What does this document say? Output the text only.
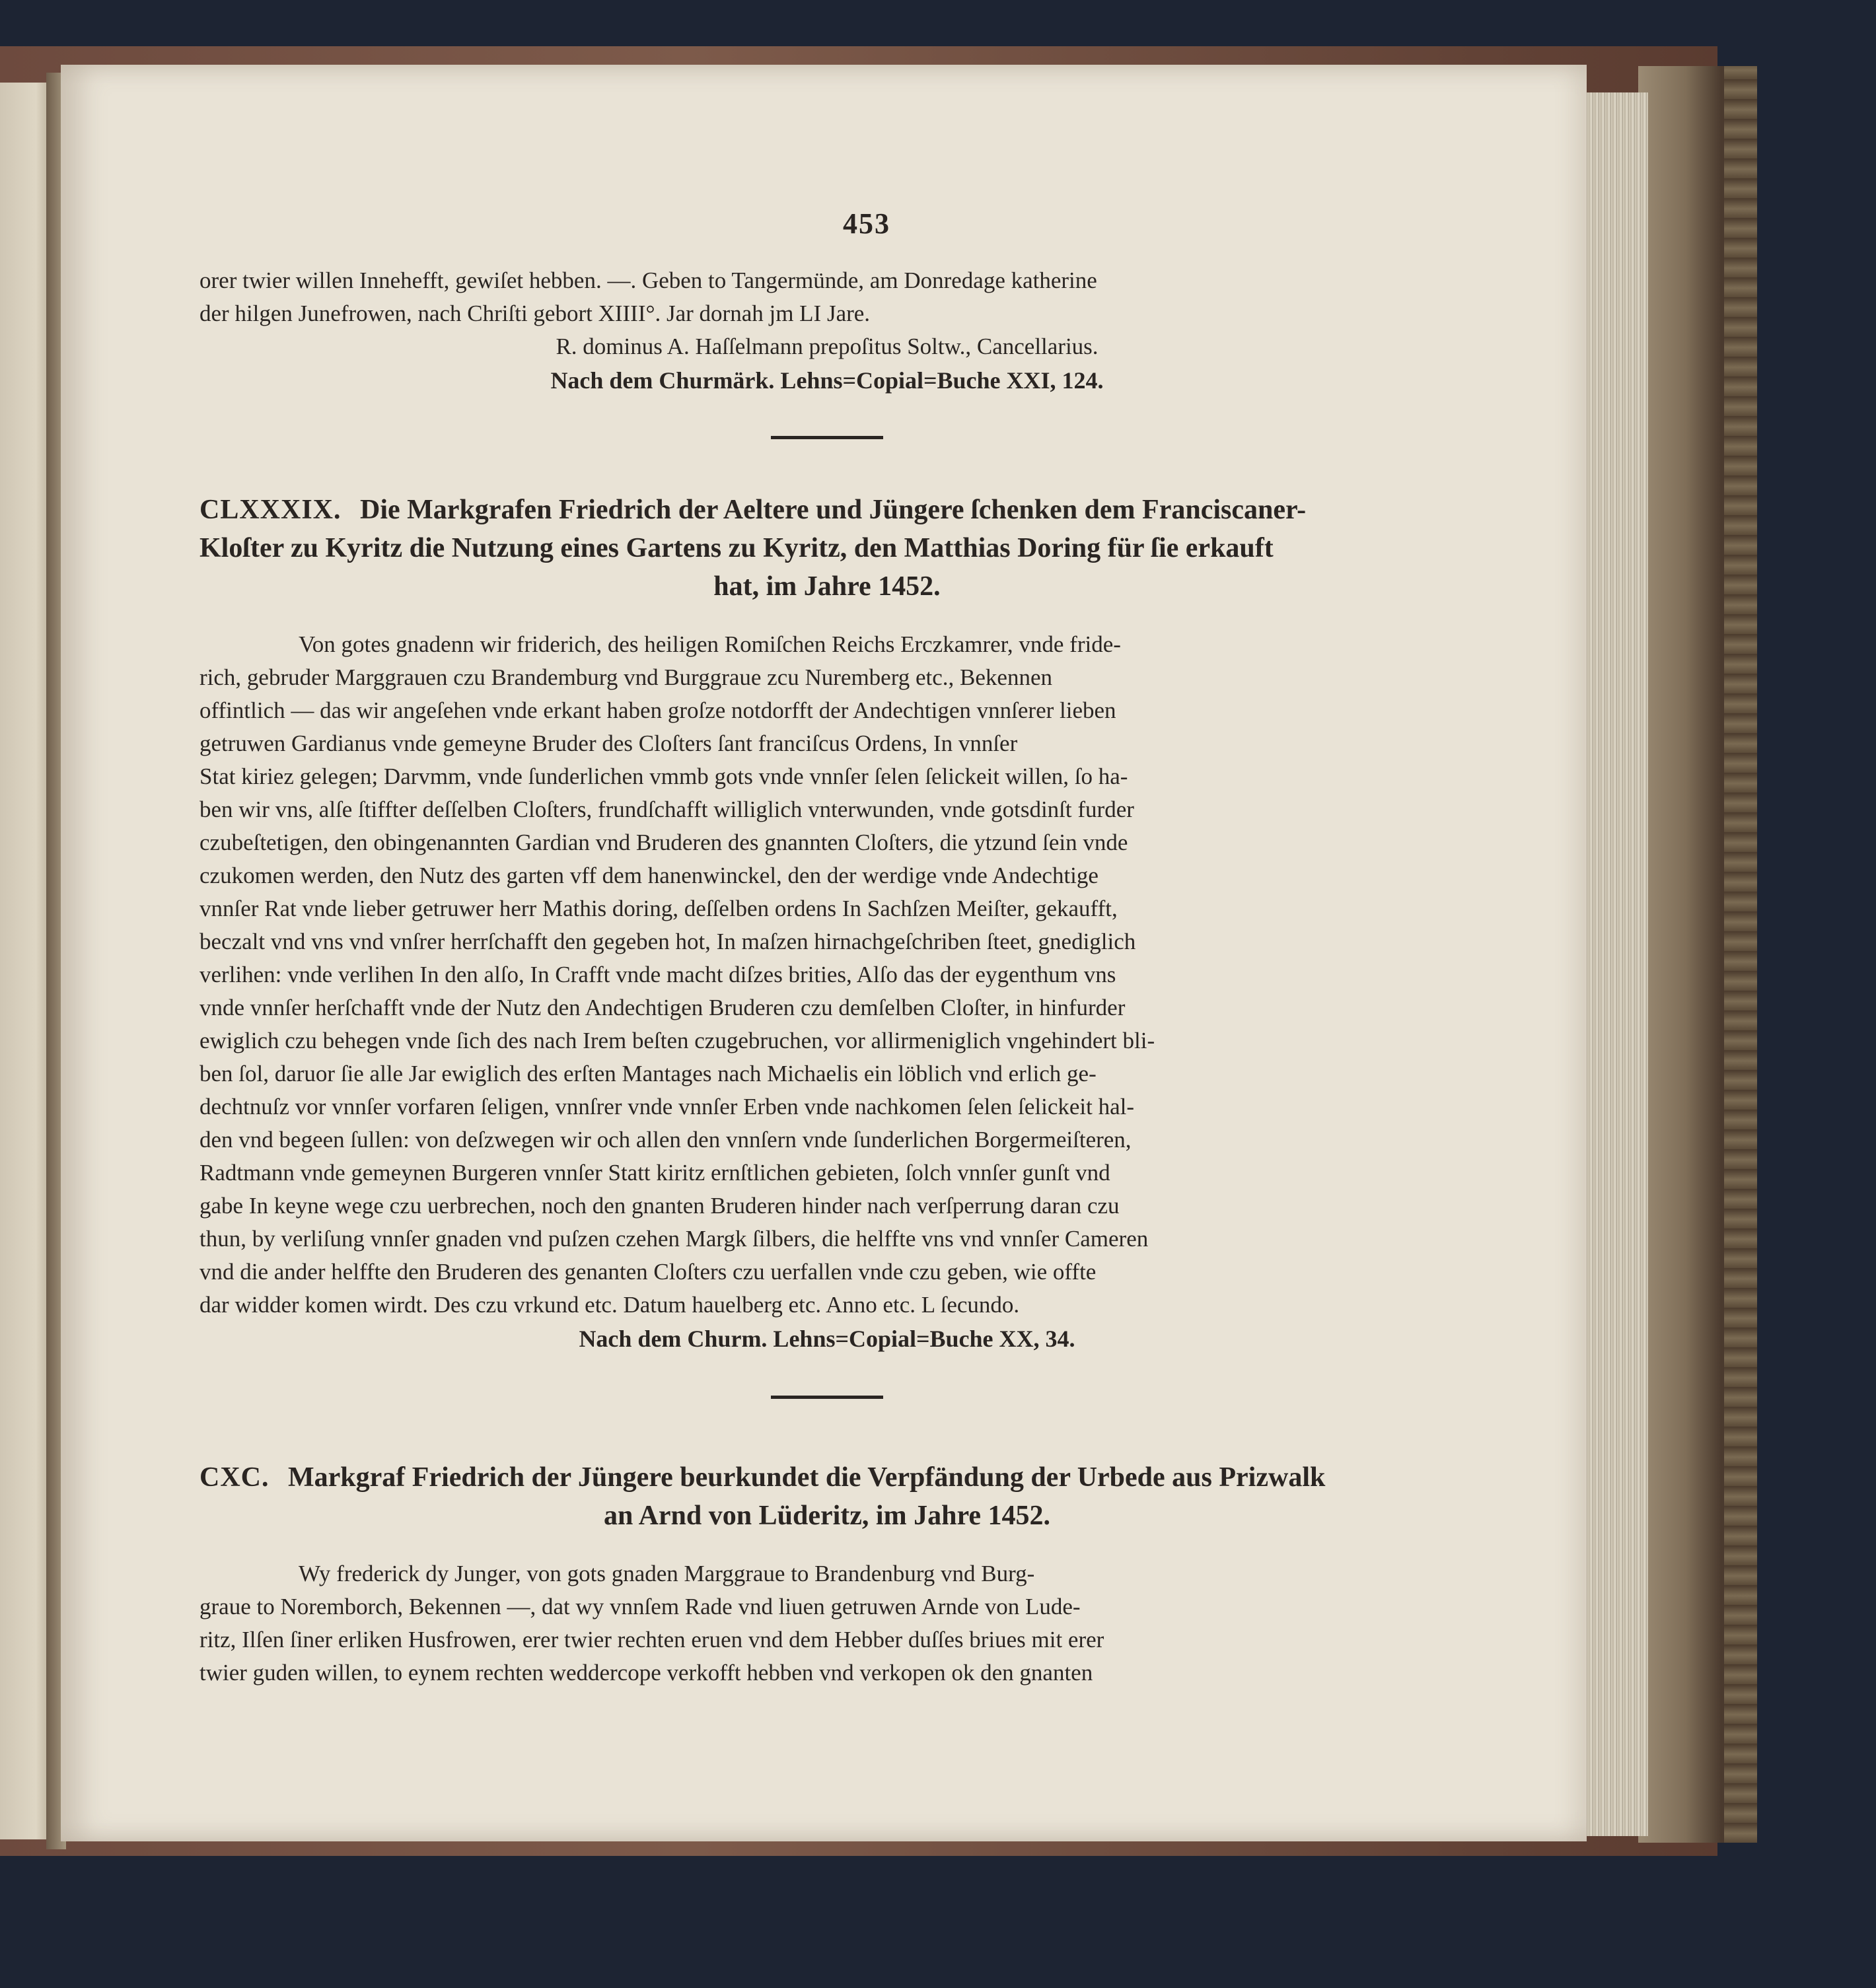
453
orer twier willen Innehefft, gewiſet hebben. —. Geben to Tangermünde, am Donredage katherine
der hilgen Junefrowen, nach Chriſti gebort XIIII°. Jar dornah jm LI Jare.
R. dominus A. Haſſelmann prepoſitus Soltw., Cancellarius.
Nach dem Churmärk. Lehns=Copial=Buche XXI, 124.
CLXXXIX. Die Markgrafen Friedrich der Aeltere und Jüngere ſchenken dem Franciscaner-
Kloſter zu Kyritz die Nutzung eines Gartens zu Kyritz, den Matthias Doring für ſie erkauft
hat, im Jahre 1452.
Von gotes gnadenn wir friderich, des heiligen Romiſchen Reichs Erczkamrer, vnde fride-
rich, gebruder Marggrauen czu Brandemburg vnd Burggraue zcu Nuremberg etc., Bekennen
offintlich — das wir angeſehen vnde erkant haben groſze notdorfft der Andechtigen vnnſerer lieben
getruwen Gardianus vnde gemeyne Bruder des Cloſters ſant franciſcus Ordens, In vnnſer
Stat kiriez gelegen; Darvmm, vnde ſunderlichen vmmb gots vnde vnnſer ſelen ſelickeit willen, ſo ha-
ben wir vns, alſe ſtiffter deſſelben Cloſters, frundſchafft williglich vnterwunden, vnde gotsdinſt furder
czubeſtetigen, den obingenannten Gardian vnd Bruderen des gnannten Cloſters, die ytzund ſein vnde
czukomen werden, den Nutz des garten vff dem hanenwinckel, den der werdige vnde Andechtige
vnnſer Rat vnde lieber getruwer herr Mathis doring, deſſelben ordens In Sachſzen Meiſter, gekaufft,
beczalt vnd vns vnd vnſrer herrſchafft den gegeben hot, In maſzen hirnachgeſchriben ſteet, gnediglich
verlihen: vnde verlihen In den alſo, In Crafft vnde macht diſzes brities, Alſo das der eygenthum vns
vnde vnnſer herſchafft vnde der Nutz den Andechtigen Bruderen czu demſelben Cloſter, in hinfurder
ewiglich czu behegen vnde ſich des nach Irem beſten czugebruchen, vor allirmeniglich vngehindert bli-
ben ſol, daruor ſie alle Jar ewiglich des erſten Mantages nach Michaelis ein löblich vnd erlich ge-
dechtnuſz vor vnnſer vorfaren ſeligen, vnnſrer vnde vnnſer Erben vnde nachkomen ſelen ſelickeit hal-
den vnd begeen ſullen: von deſzwegen wir och allen den vnnſern vnde ſunderlichen Borgermeiſteren,
Radtmann vnde gemeynen Burgeren vnnſer Statt kiritz ernſtlichen gebieten, ſolch vnnſer gunſt vnd
gabe In keyne wege czu uerbrechen, noch den gnanten Bruderen hinder nach verſperrung daran czu
thun, by verliſung vnnſer gnaden vnd puſzen czehen Margk ſilbers, die helffte vns vnd vnnſer Cameren
vnd die ander helffte den Bruderen des genanten Cloſters czu uerfallen vnde czu geben, wie offte
dar widder komen wirdt. Des czu vrkund etc. Datum hauelberg etc. Anno etc. L ſecundo.
Nach dem Churm. Lehns=Copial=Buche XX, 34.
CXC. Markgraf Friedrich der Jüngere beurkundet die Verpfändung der Urbede aus Prizwalk
an Arnd von Lüderitz, im Jahre 1452.
Wy frederick dy Junger, von gots gnaden Marggraue to Brandenburg vnd Burg-
graue to Noremborch, Bekennen —, dat wy vnnſem Rade vnd liuen getruwen Arnde von Lude-
ritz, Ilſen ſiner erliken Husfrowen, erer twier rechten eruen vnd dem Hebber duſſes briues mit erer
twier guden willen, to eynem rechten weddercope verkofft hebben vnd verkopen ok den gnanten
